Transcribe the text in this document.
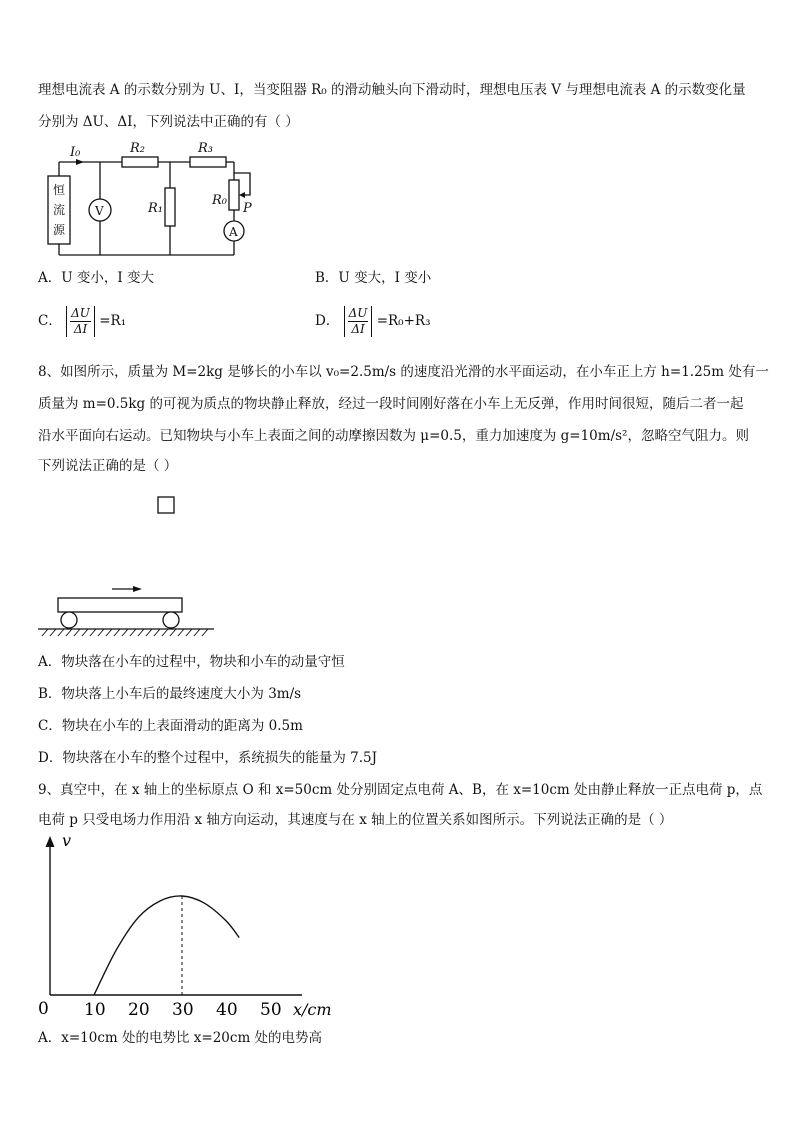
理想电流表 A 的示数分别为 U、I，当变阻器 R₀ 的滑动触头向下滑动时，理想电压表 V 与理想电流表 A 的示数变化量
分别为 ΔU、ΔI，下列说法中正确的有（ ）
I₀	R₂	R₃
R₁
R₀
P
V
A
恒
流
源
A．U 变小，I 变大	B．U 变大，I 变小
C． $\frac{\Delta U}{\Delta I} =R_1$	D． $\frac{\Delta U}{\Delta I} =R_0+R_3$
8、如图所示，质量为 M=2kg 是够长的小车以 v₀=2.5m/s 的速度沿光滑的水平面运动，在小车正上方 h=1.25m 处有一
质量为 m=0.5kg 的可视为质点的物块静止释放，经过一段时间刚好落在小车上无反弹，作用时间很短，随后二者一起
沿水平面向右运动。已知物块与小车上表面之间的动摩擦因数为 μ=0.5，重力加速度为 g=10m/s²，忽略空气阻力。则
下列说法正确的是（ ）
A．物块落在小车的过程中，物块和小车的动量守恒
B．物块落上小车后的最终速度大小为 3m/s
C．物块在小车的上表面滑动的距离为 0.5m
D．物块落在小车的整个过程中，系统损失的能量为 7.5J
9、真空中，在 x 轴上的坐标原点 O 和 x=50cm 处分别固定点电荷 A、B，在 x=10cm 处由静止释放一正点电荷 p，点
电荷 p 只受电场力作用沿 x 轴方向运动，其速度与在 x 轴上的位置关系如图所示。下列说法正确的是（ ）
v
0	x/cm
10 20 30 40 50
A．x=10cm 处的电势比 x=20cm 处的电势高
